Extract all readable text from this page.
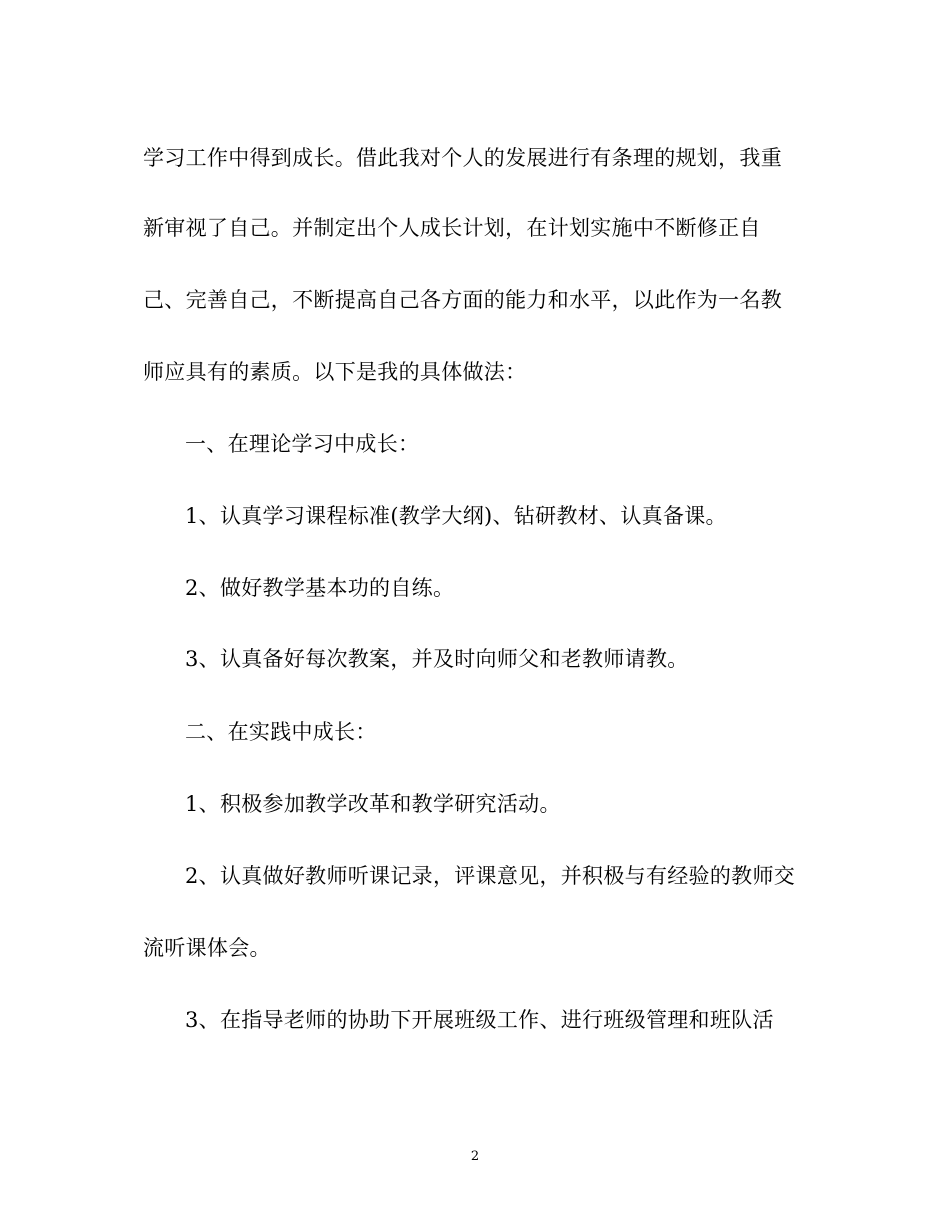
学习工作中得到成长。借此我对个人的发展进行有条理的规划，我重
新审视了自己。并制定出个人成长计划，在计划实施中不断修正自
己、完善自己，不断提高自己各方面的能力和水平，以此作为一名教
师应具有的素质。以下是我的具体做法：
一、在理论学习中成长：
1、认真学习课程标准(教学大纲)、钻研教材、认真备课。
2、做好教学基本功的自练。
3、认真备好每次教案，并及时向师父和老教师请教。
二、在实践中成长：
1、积极参加教学改革和教学研究活动。
2、认真做好教师听课记录，评课意见，并积极与有经验的教师交
流听课体会。
3、在指导老师的协助下开展班级工作、进行班级管理和班队活
2
